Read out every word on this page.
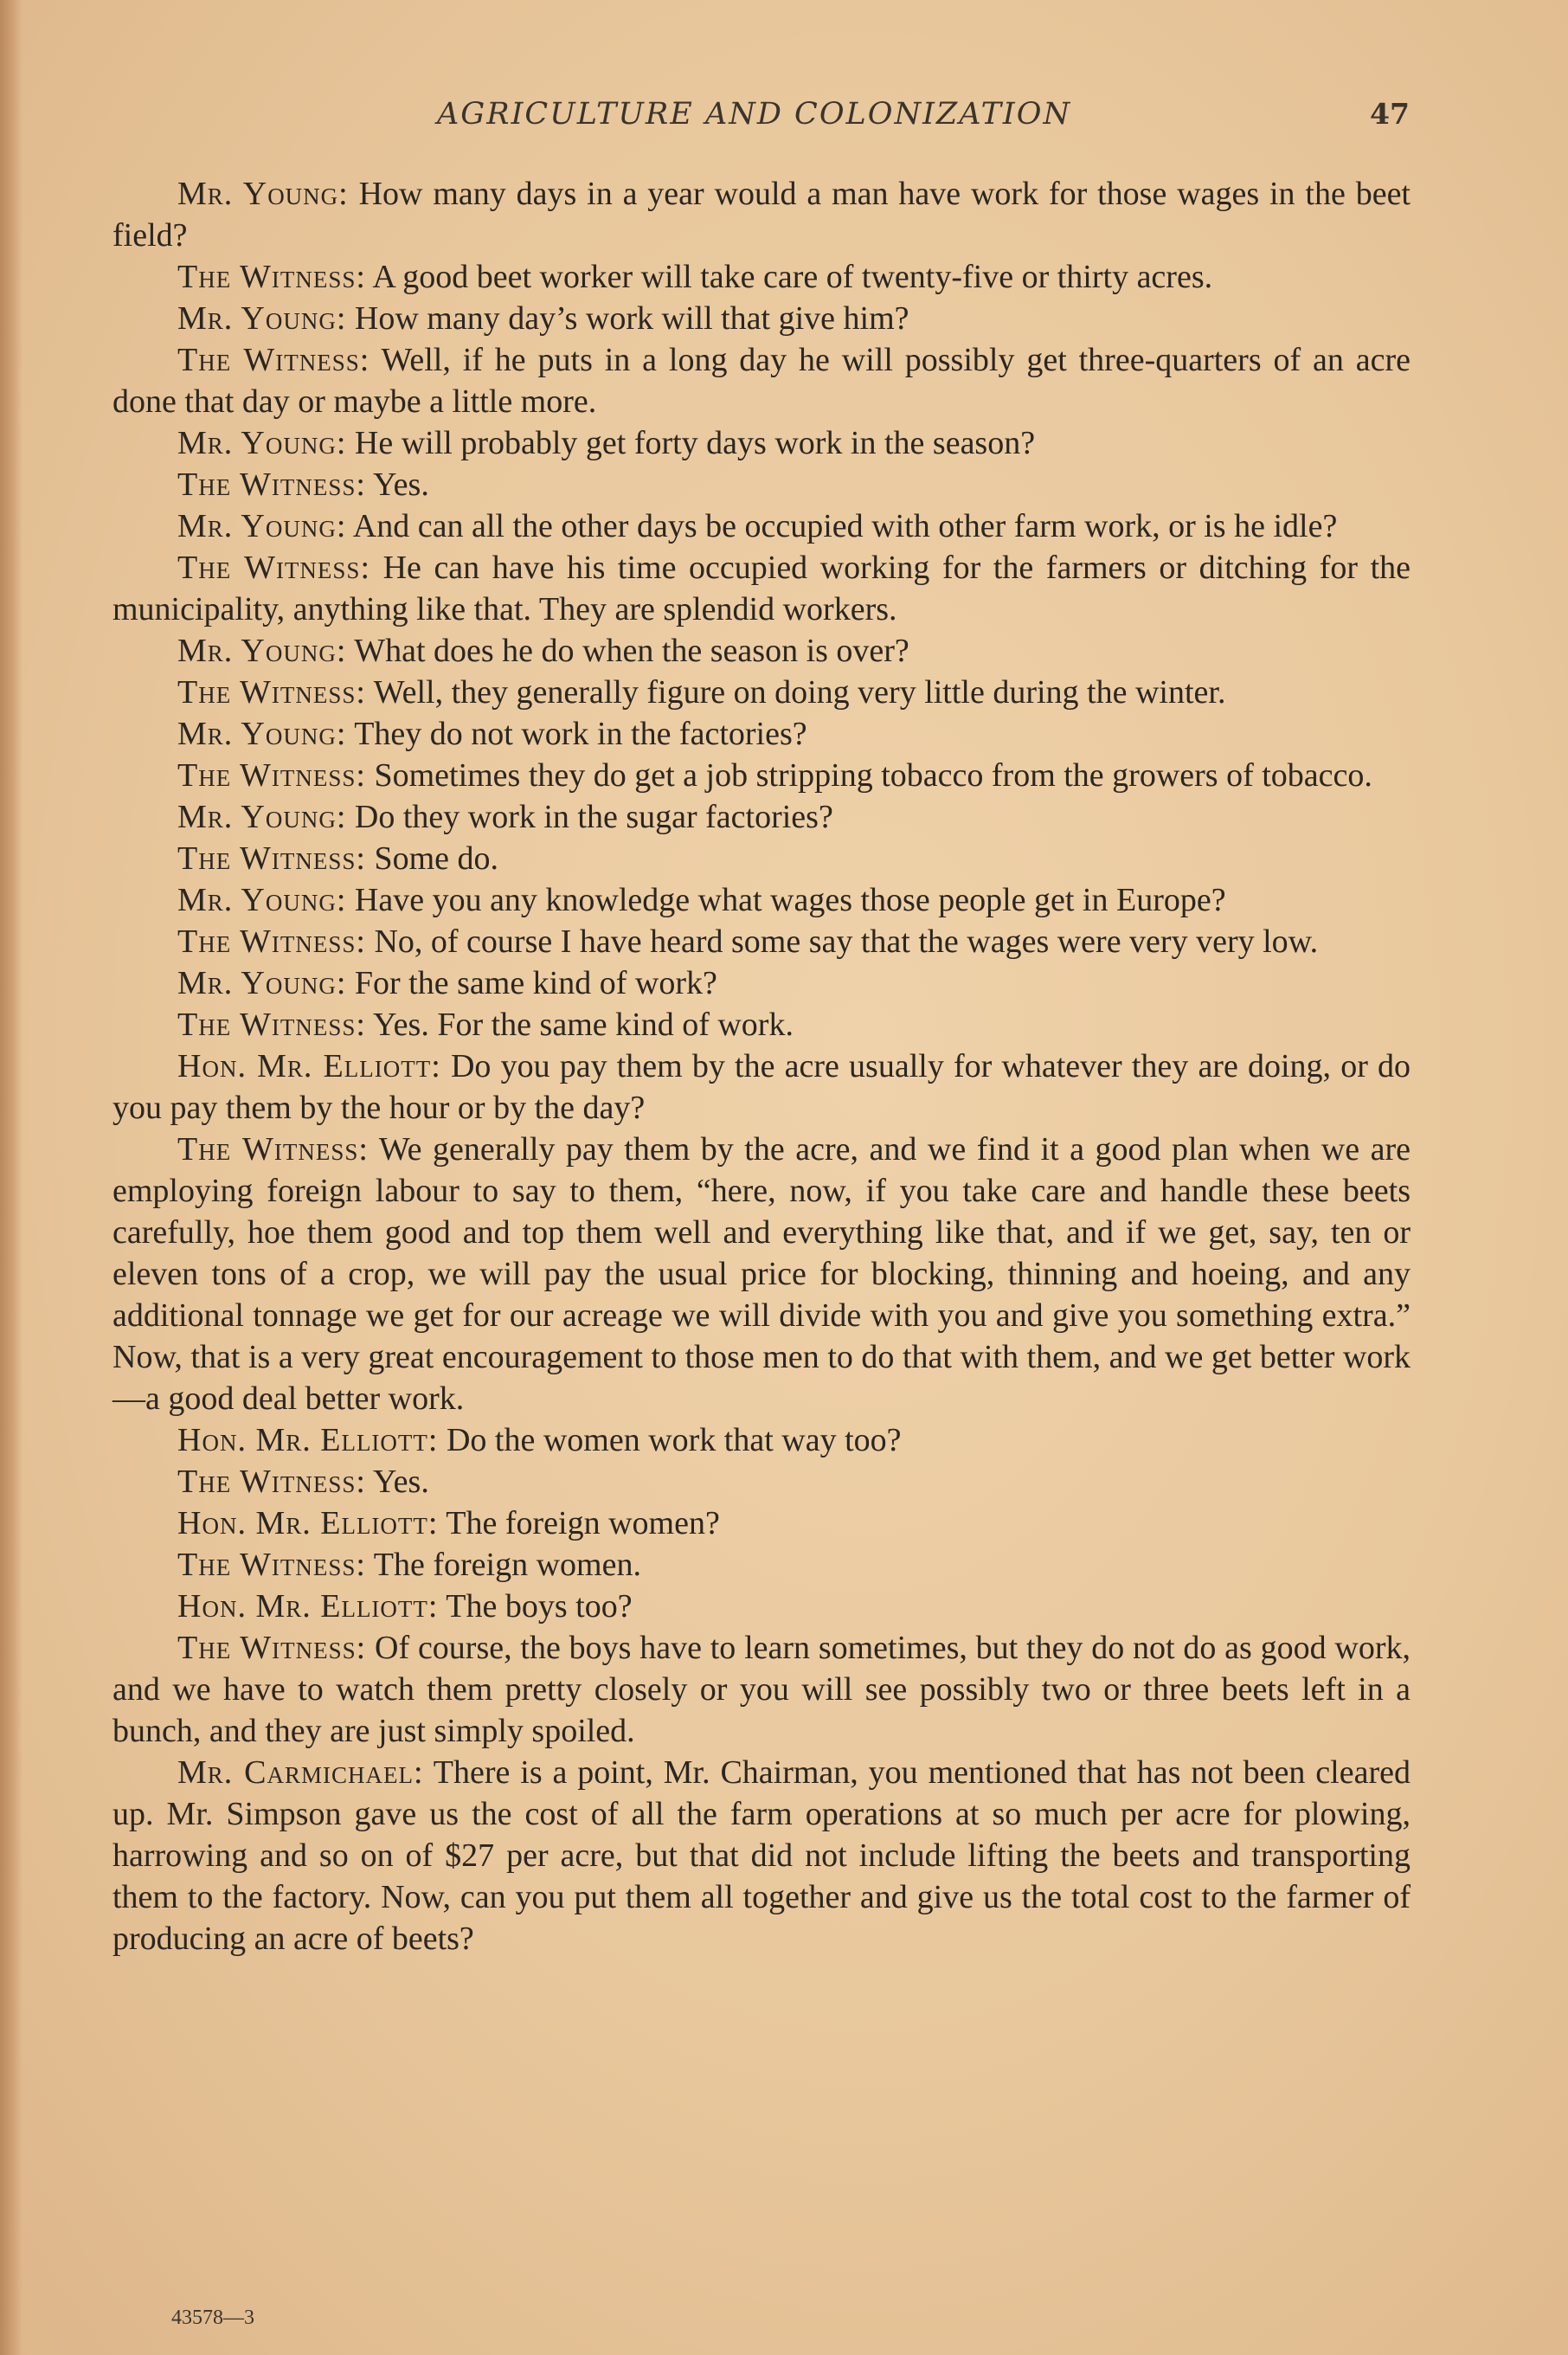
AGRICULTURE AND COLONIZATION	47

Mr. Young: How many days in a year would a man have work for those wages in the beet field?

The Witness: A good beet worker will take care of twenty-five or thirty acres.

Mr. Young: How many day’s work will that give him?

The Witness: Well, if he puts in a long day he will possibly get three-quarters of an acre done that day or maybe a little more.

Mr. Young: He will probably get forty days work in the season?

The Witness: Yes.

Mr. Young: And can all the other days be occupied with other farm work, or is he idle?

The Witness: He can have his time occupied working for the farmers or ditching for the municipality, anything like that. They are splendid workers.

Mr. Young: What does he do when the season is over?

The Witness: Well, they generally figure on doing very little during the winter.

Mr. Young: They do not work in the factories?

The Witness: Sometimes they do get a job stripping tobacco from the growers of tobacco.

Mr. Young: Do they work in the sugar factories?

The Witness: Some do.

Mr. Young: Have you any knowledge what wages those people get in Europe?

The Witness: No, of course I have heard some say that the wages were very very low.

Mr. Young: For the same kind of work?

The Witness: Yes. For the same kind of work.

Hon. Mr. Elliott: Do you pay them by the acre usually for whatever they are doing, or do you pay them by the hour or by the day?

The Witness: We generally pay them by the acre, and we find it a good plan when we are employing foreign labour to say to them, “here, now, if you take care and handle these beets carefully, hoe them good and top them well and everything like that, and if we get, say, ten or eleven tons of a crop, we will pay the usual price for blocking, thinning and hoeing, and any additional tonnage we get for our acreage we will divide with you and give you something extra.” Now, that is a very great encouragement to those men to do that with them, and we get better work—a good deal better work.

Hon. Mr. Elliott: Do the women work that way too?

The Witness: Yes.

Hon. Mr. Elliott: The foreign women?

The Witness: The foreign women.

Hon. Mr. Elliott: The boys too?

The Witness: Of course, the boys have to learn sometimes, but they do not do as good work, and we have to watch them pretty closely or you will see possibly two or three beets left in a bunch, and they are just simply spoiled.

Mr. Carmichael: There is a point, Mr. Chairman, you mentioned that has not been cleared up. Mr. Simpson gave us the cost of all the farm operations at so much per acre for plowing, harrowing and so on of $27 per acre, but that did not include lifting the beets and transporting them to the factory. Now, can you put them all together and give us the total cost to the farmer of producing an acre of beets?

43578—3
